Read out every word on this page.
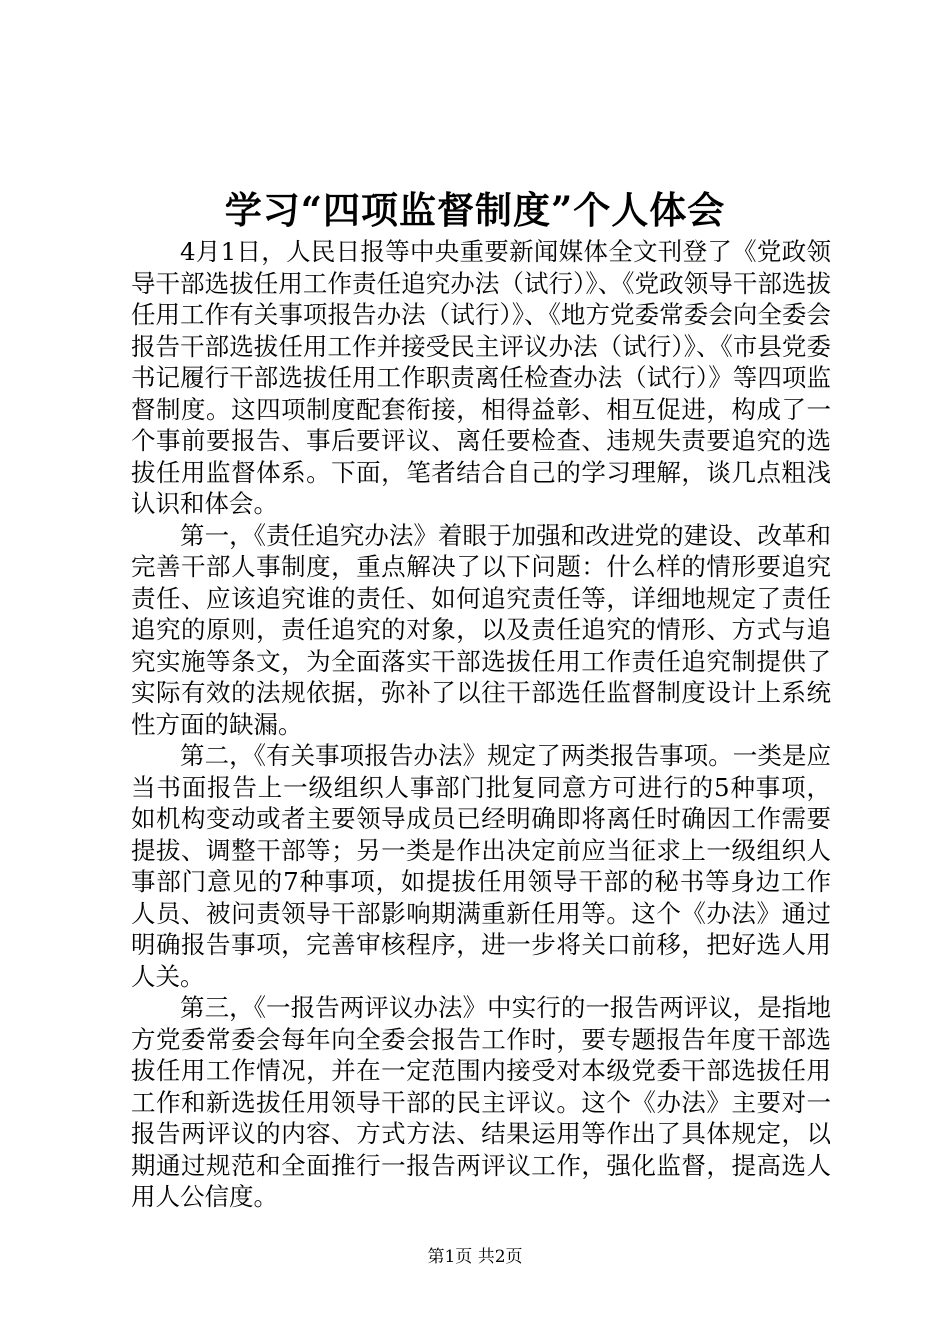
学习“四项监督制度”个人体会

4月1日，人民日报等中央重要新闻媒体全文刊登了《党政领导干部选拔任用工作责任追究办法（试行）》、《党政领导干部选拔任用工作有关事项报告办法（试行）》、《地方党委常委会向全委会报告干部选拔任用工作并接受民主评议办法（试行）》、《市县党委书记履行干部选拔任用工作职责离任检查办法（试行）》等四项监督制度。这四项制度配套衔接，相得益彰、相互促进，构成了一个事前要报告、事后要评议、离任要检查、违规失责要追究的选拔任用监督体系。下面，笔者结合自己的学习理解，谈几点粗浅认识和体会。

第一，《责任追究办法》着眼于加强和改进党的建设、改革和完善干部人事制度，重点解决了以下问题：什么样的情形要追究责任、应该追究谁的责任、如何追究责任等，详细地规定了责任追究的原则，责任追究的对象，以及责任追究的情形、方式与追究实施等条文，为全面落实干部选拔任用工作责任追究制提供了实际有效的法规依据，弥补了以往干部选任监督制度设计上系统性方面的缺漏。

第二，《有关事项报告办法》规定了两类报告事项。一类是应当书面报告上一级组织人事部门批复同意方可进行的5种事项，如机构变动或者主要领导成员已经明确即将离任时确因工作需要提拔、调整干部等；另一类是作出决定前应当征求上一级组织人事部门意见的7种事项，如提拔任用领导干部的秘书等身边工作人员、被问责领导干部影响期满重新任用等。这个《办法》通过明确报告事项，完善审核程序，进一步将关口前移，把好选人用人关。

第三，《一报告两评议办法》中实行的一报告两评议，是指地方党委常委会每年向全委会报告工作时，要专题报告年度干部选拔任用工作情况，并在一定范围内接受对本级党委干部选拔任用工作和新选拔任用领导干部的民主评议。这个《办法》主要对一报告两评议的内容、方式方法、结果运用等作出了具体规定，以期通过规范和全面推行一报告两评议工作，强化监督，提高选人用人公信度。

第1页 共2页
